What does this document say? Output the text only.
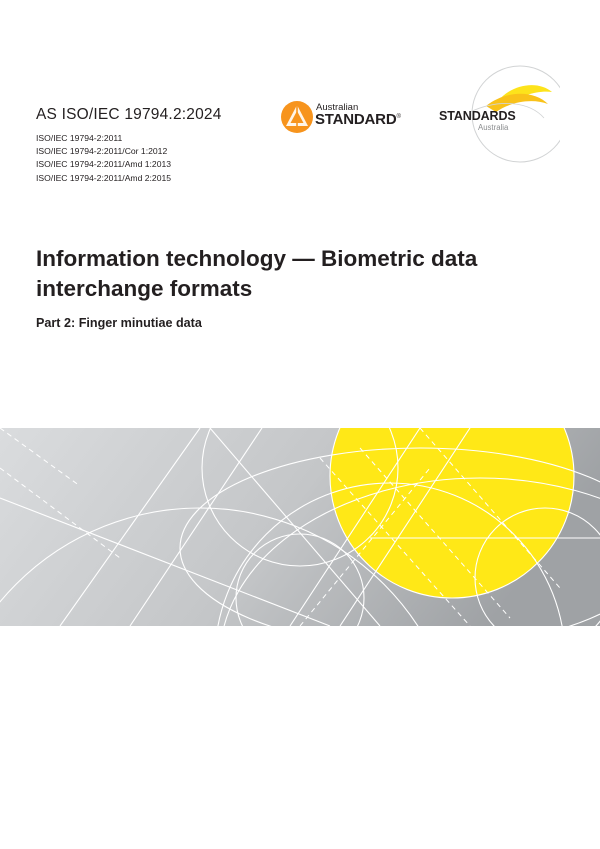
AS ISO/IEC 19794.2:2024
ISO/IEC 19794-2:2011
ISO/IEC 19794-2:2011/Cor 1:2012
ISO/IEC 19794-2:2011/Amd 1:2013
ISO/IEC 19794-2:2011/Amd 2:2015
Australian
STANDARD®	STANDARDS
Australia
Information technology — Biometric data interchange formats
Part 2: Finger minutiae data
